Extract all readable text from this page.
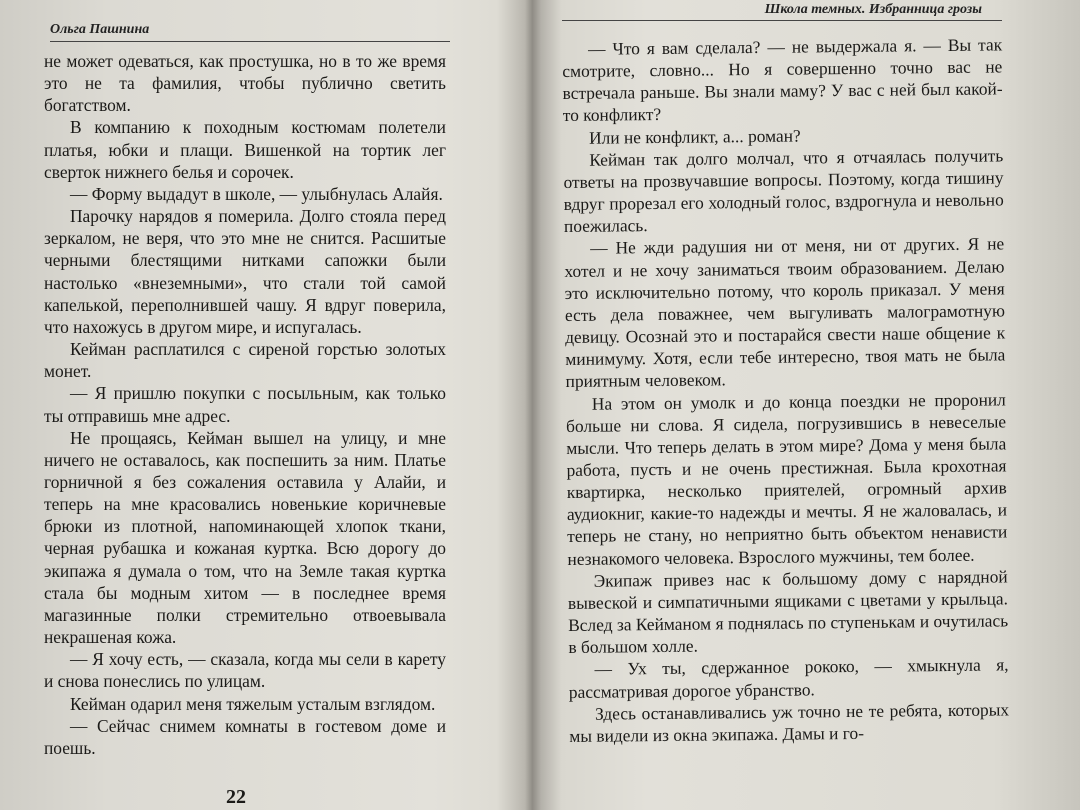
Ольга Пашнина

не может одеваться, как простушка, но в то же время это не та фамилия, чтобы публично светить богатством.

В компанию к походным костюмам полетели платья, юбки и плащи. Вишенкой на тортик лег сверток нижнего белья и сорочек.

— Форму выдадут в школе, — улыбнулась Алайя.

Парочку нарядов я померила. Долго стояла перед зеркалом, не веря, что это мне не снится. Расшитые черными блестящими нитками сапожки были настолько «внеземными», что стали той самой капелькой, переполнившей чашу. Я вдруг поверила, что нахожусь в другом мире, и испугалась.

Кейман расплатился с сиреной горстью золотых монет.

— Я пришлю покупки с посыльным, как только ты отправишь мне адрес.

Не прощаясь, Кейман вышел на улицу, и мне ничего не оставалось, как поспешить за ним. Платье горничной я без сожаления оставила у Алайи, и теперь на мне красовались новенькие коричневые брюки из плотной, напоминающей хлопок ткани, черная рубашка и кожаная куртка. Всю дорогу до экипажа я думала о том, что на Земле такая куртка стала бы модным хитом — в последнее время магазинные полки стремительно отвоевывала некрашеная кожа.

— Я хочу есть, — сказала, когда мы сели в карету и снова понеслись по улицам.

Кейман одарил меня тяжелым усталым взглядом.

— Сейчас снимем комнаты в гостевом доме и поешь.

22
Школа темных. Избранница грозы

— Что я вам сделала? — не выдержала я. — Вы так смотрите, словно... Но я совершенно точно вас не встречала раньше. Вы знали маму? У вас с ней был какой-то конфликт?

Или не конфликт, а... роман?

Кейман так долго молчал, что я отчаялась получить ответы на прозвучавшие вопросы. Поэтому, когда тишину вдруг прорезал его холодный голос, вздрогнула и невольно поежилась.

— Не жди радушия ни от меня, ни от других. Я не хотел и не хочу заниматься твоим образованием. Делаю это исключительно потому, что король приказал. У меня есть дела поважнее, чем выгуливать малограмотную девицу. Осознай это и постарайся свести наше общение к минимуму. Хотя, если тебе интересно, твоя мать не была приятным человеком.

На этом он умолк и до конца поездки не проронил больше ни слова. Я сидела, погрузившись в невеселые мысли. Что теперь делать в этом мире? Дома у меня была работа, пусть и не очень престижная. Была крохотная квартирка, несколько приятелей, огромный архив аудиокниг, какие-то надежды и мечты. Я не жаловалась, и теперь не стану, но неприятно быть объектом ненависти незнакомого человека. Взрослого мужчины, тем более.

Экипаж привез нас к большому дому с нарядной вывеской и симпатичными ящиками с цветами у крыльца. Вслед за Кейманом я поднялась по ступенькам и очутилась в большом холле.

— Ух ты, сдержанное рококо, — хмыкнула я, рассматривая дорогое убранство.

Здесь останавливались уж точно не те ребята, которых мы видели из окна экипажа. Дамы и го-
